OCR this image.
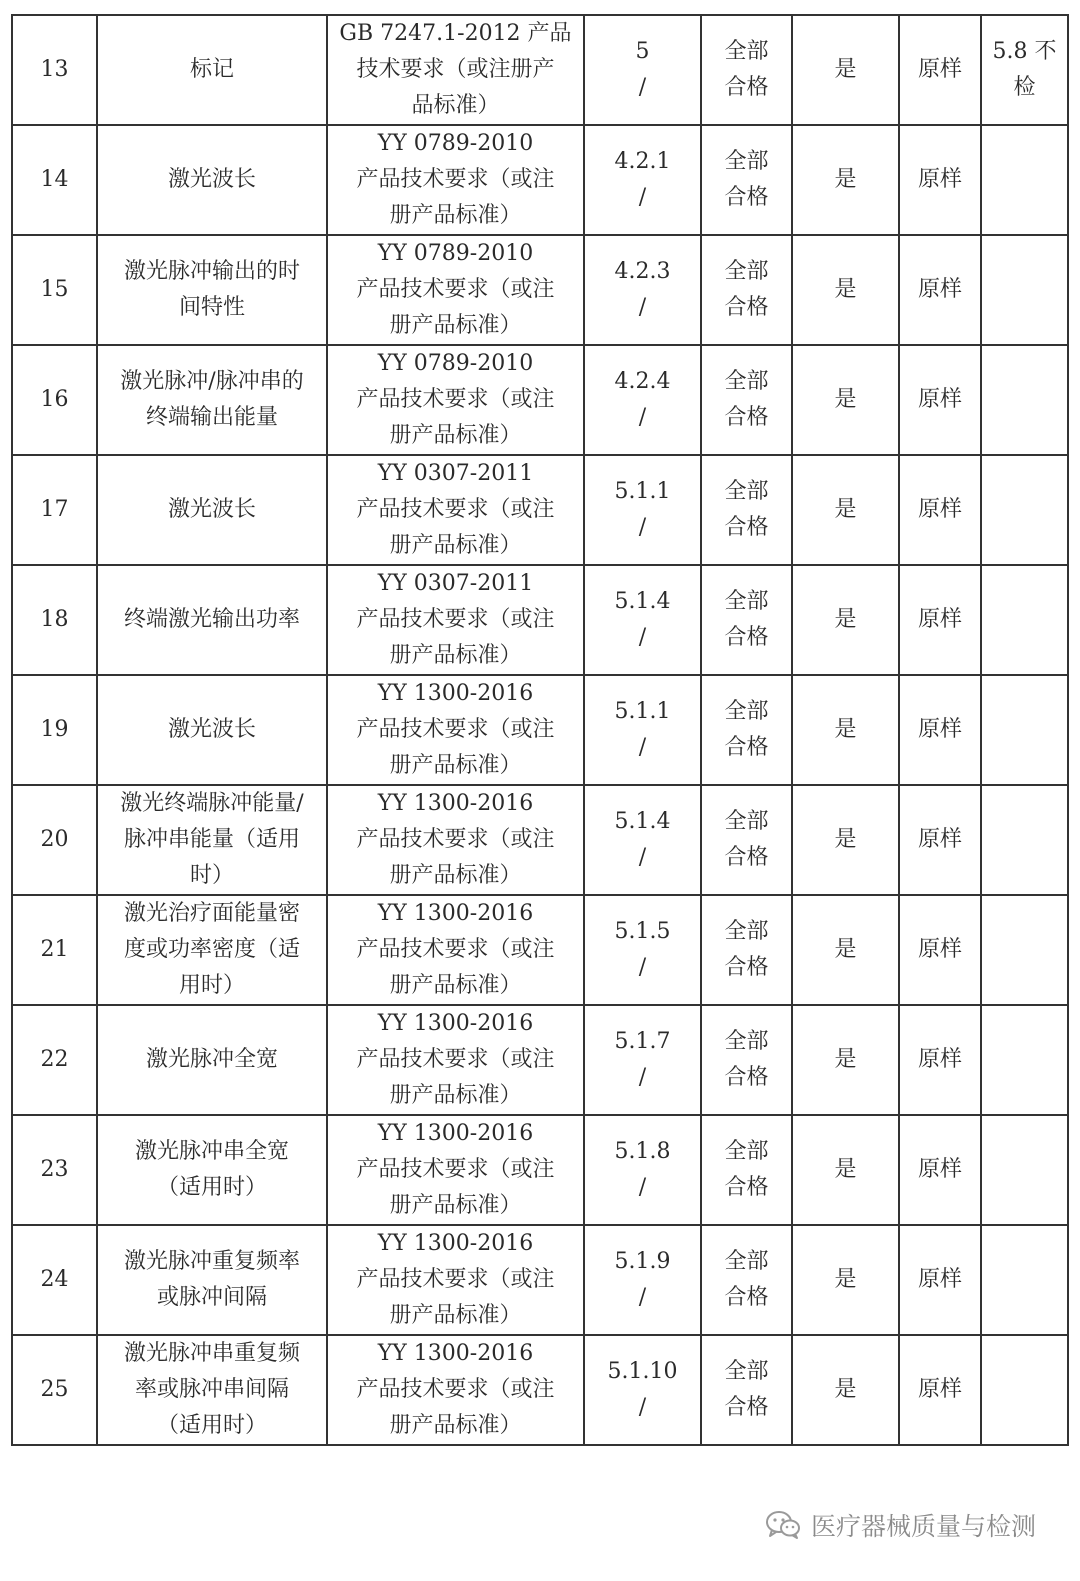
13	标记	GB 7247.1-2012 产品
技术要求（或注册产
品标准）	5
/	全部
合格	是	原样	5.8 不
检

14	激光波长	YY 0789-2010
产品技术要求（或注
册产品标准）	4.2.1
/	全部
合格	是	原样	

15	激光脉冲输出的时
间特性	YY 0789-2010
产品技术要求（或注
册产品标准）	4.2.3
/	全部
合格	是	原样	

16	激光脉冲/脉冲串的
终端输出能量	YY 0789-2010
产品技术要求（或注
册产品标准）	4.2.4
/	全部
合格	是	原样	

17	激光波长	YY 0307-2011
产品技术要求（或注
册产品标准）	5.1.1
/	全部
合格	是	原样	

18	终端激光输出功率	YY 0307-2011
产品技术要求（或注
册产品标准）	5.1.4
/	全部
合格	是	原样	

19	激光波长	YY 1300-2016
产品技术要求（或注
册产品标准）	5.1.1
/	全部
合格	是	原样	

20	激光终端脉冲能量/
脉冲串能量（适用
时）	YY 1300-2016
产品技术要求（或注
册产品标准）	5.1.4
/	全部
合格	是	原样	

21	激光治疗面能量密
度或功率密度（适
用时）	YY 1300-2016
产品技术要求（或注
册产品标准）	5.1.5
/	全部
合格	是	原样	

22	激光脉冲全宽	YY 1300-2016
产品技术要求（或注
册产品标准）	5.1.7
/	全部
合格	是	原样	

23	激光脉冲串全宽
（适用时）	YY 1300-2016
产品技术要求（或注
册产品标准）	5.1.8
/	全部
合格	是	原样	

24	激光脉冲重复频率
或脉冲间隔	YY 1300-2016
产品技术要求（或注
册产品标准）	5.1.9
/	全部
合格	是	原样	

25	激光脉冲串重复频
率或脉冲串间隔
（适用时）	YY 1300-2016
产品技术要求（或注
册产品标准）	5.1.10
/	全部
合格	是	原样	

医疗器械质量与检测
